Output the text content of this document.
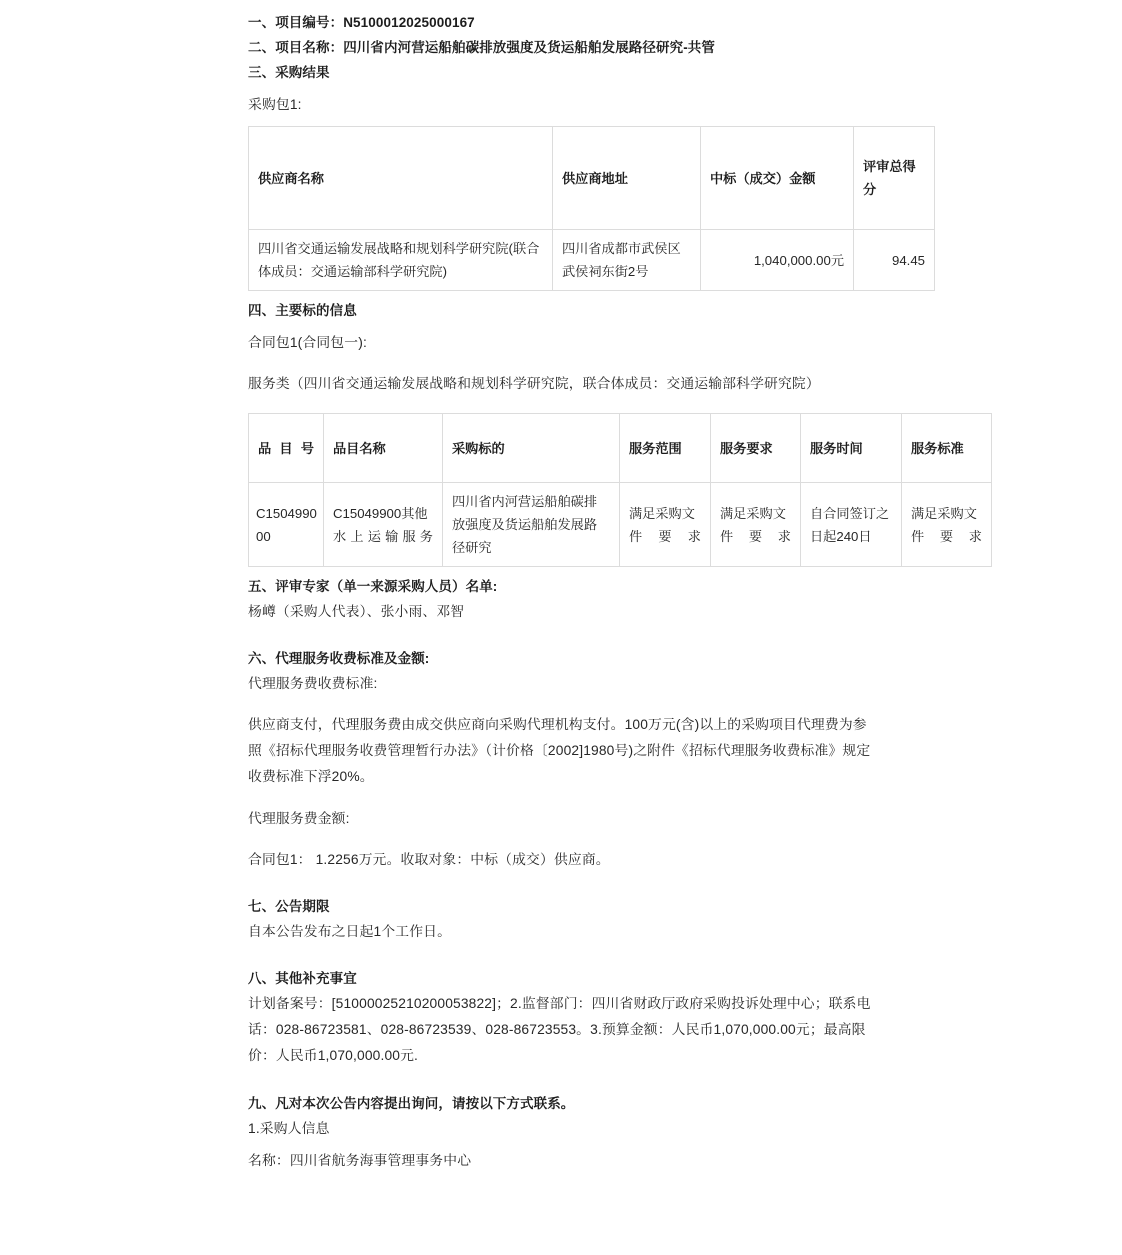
一、项目编号：N5100012025000167
二、项目名称：四川省内河营运船舶碳排放强度及货运船舶发展路径研究-共管
三、采购结果
采购包1:
供应商名称	供应商地址	中标（成交）金额	评审总得分
四川省交通运输发展战略和规划科学研究院(联合体成员：交通运输部科学研究院)	四川省成都市武侯区武侯祠东街2号	1,040,000.00元	94.45
四、主要标的信息
合同包1(合同包一):
服务类（四川省交通运输发展战略和规划科学研究院，联合体成员：交通运输部科学研究院）
品目号	品目名称	采购标的	服务范围	服务要求	服务时间	服务标准
C150499000	C15049900其他水上运输服务	四川省内河营运船舶碳排放强度及货运船舶发展路径研究	满足采购文件要求	满足采购文件要求	自合同签订之日起240日	满足采购文件要求
五、评审专家（单一来源采购人员）名单:
杨嶟（采购人代表）、张小雨、邓智
六、代理服务收费标准及金额:
代理服务费收费标准:
供应商支付，代理服务费由成交供应商向采购代理机构支付。100万元(含)以上的采购项目代理费为参照《招标代理服务收费管理暂行办法》（计价格〔2002]1980号)之附件《招标代理服务收费标准》规定收费标准下浮20%。
代理服务费金额:
合同包1： 1.2256万元。收取对象：中标（成交）供应商。
七、公告期限
自本公告发布之日起1个工作日。
八、其他补充事宜
计划备案号：[51000025210200053822]；2.监督部门：四川省财政厅政府采购投诉处理中心；联系电话：028-86723581、028-86723539、028-86723553。3.预算金额：人民币1,070,000.00元；最高限价：人民币1,070,000.00元.
九、凡对本次公告内容提出询问，请按以下方式联系。
1.采购人信息
名称：四川省航务海事管理事务中心
